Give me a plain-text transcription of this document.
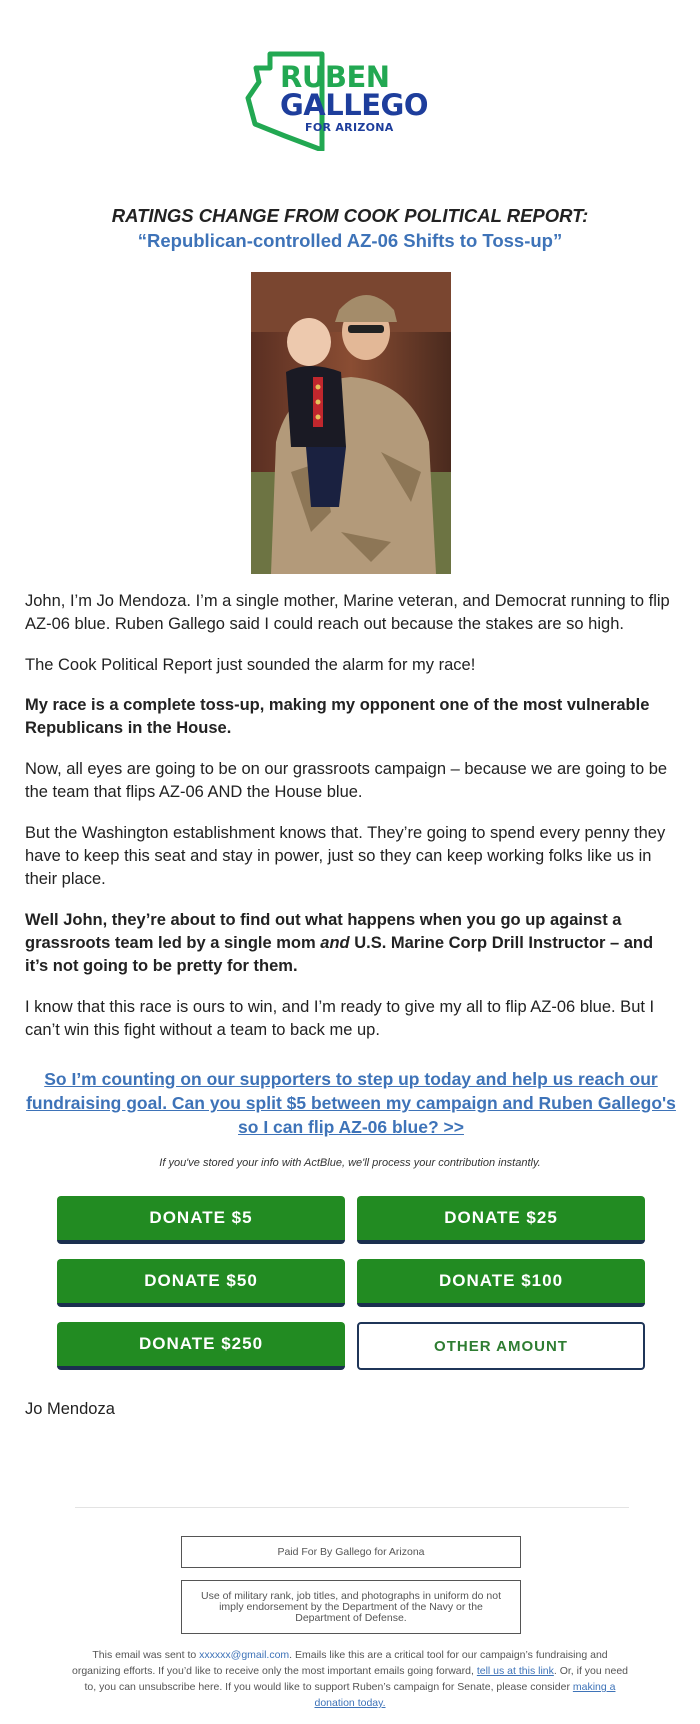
RUBEN
GALLEGO
FOR ARIZONA
RATINGS CHANGE FROM COOK POLITICAL REPORT:
“Republican-controlled AZ-06 Shifts to Toss-up”

John, I’m Jo Mendoza. I’m a single mother, Marine veteran, and Democrat running to flip AZ-06 blue. Ruben Gallego said I could reach out because the stakes are so high.

The Cook Political Report just sounded the alarm for my race!

My race is a complete toss-up, making my opponent one of the most vulnerable Republicans in the House.

Now, all eyes are going to be on our grassroots campaign – because we are going to be the team that flips AZ-06 AND the House blue.

But the Washington establishment knows that. They’re going to spend every penny they have to keep this seat and stay in power, just so they can keep working folks like us in their place.

Well John, they’re about to find out what happens when you go up against a grassroots team led by a single mom and U.S. Marine Corp Drill Instructor – and it’s not going to be pretty for them.

I know that this race is ours to win, and I’m ready to give my all to flip AZ-06 blue. But I can’t win this fight without a team to back me up.

So I’m counting on our supporters to step up today and help us reach our fundraising goal. Can you split $5 between my campaign and Ruben Gallego's so I can flip AZ-06 blue? >>
If you've stored your info with ActBlue, we'll process your contribution instantly.
DONATE $5	DONATE $25
DONATE $50	DONATE $100
DONATE $250	OTHER AMOUNT
Jo Mendoza
Paid For By Gallego for Arizona
Use of military rank, job titles, and photographs in uniform do not imply endorsement by the Department of the Navy or the Department of Defense.
This email was sent to xxxxxx@gmail.com. Emails like this are a critical tool for our campaign’s fundraising and organizing efforts. If you’d like to receive only the most important emails going forward, tell us at this link. Or, if you need to, you can unsubscribe here. If you would like to support Ruben’s campaign for Senate, please consider making a donation today.
